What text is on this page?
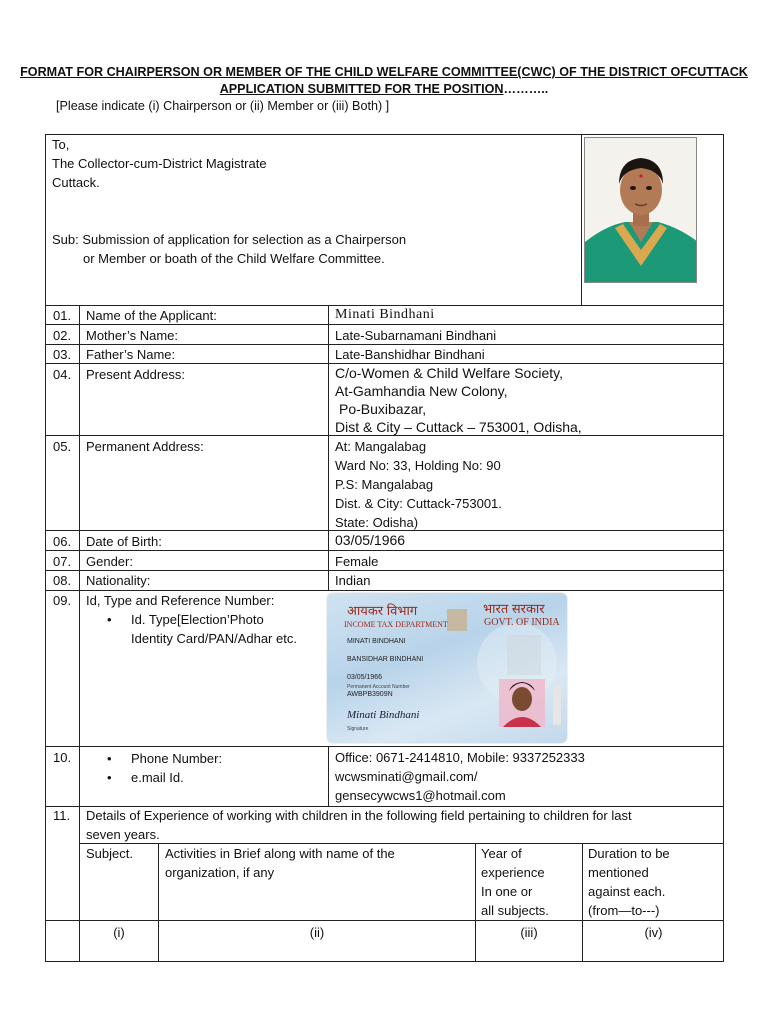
FORMAT FOR CHAIRPERSON OR MEMBER OF THE CHILD WELFARE COMMITTEE(CWC) OF THE DISTRICT OFCUTTACK
APPLICATION SUBMITTED FOR THE POSITION………..
[Please indicate (i) Chairperson or (ii) Member or (iii) Both) ]
To,
The Collector-cum-District Magistrate
Cuttack.
Sub: Submission of application for selection as a Chairperson
or Member or boath of the Child Welfare Committee.
01. Name of the Applicant:	Minati Bindhani
02. Mother’s Name:	Late-Subarnamani Bindhani
03. Father’s Name:	Late-Banshidhar Bindhani
04. Present Address:	C/o-Women & Child Welfare Society,
At-Gamhandia New Colony,
Po-Buxibazar,
Dist & City – Cuttack – 753001, Odisha,
05. Permanent Address:	At: Mangalabag
Ward No: 33, Holding No: 90
P.S: Mangalabag
Dist. & City: Cuttack-753001.
State: Odisha)
06. Date of Birth:	03/05/1966
07. Gender:	Female
08. Nationality:	Indian
09. Id, Type and Reference Number:
• Id. Type[Election’Photo
Identity Card/PAN/Adhar etc.
आयकर विभाग	भारत सरकार
INCOME TAX DEPARTMENT	GOVT. OF INDIA
MINATI BINDHANI
BANSIDHAR BINDHANI
03/05/1966
Permanent Account Number
AWBPB3909N
Minati Bindhani
Signature
10.
•	Phone Number:
• e.mail Id.
Office: 0671-2414810, Mobile: 9337252333
wcwsminati@gmail.com/
gensecywcws1@hotmail.com
11. Details of Experience of working with children in the following field pertaining to children for last
seven years.
Subject. Activities in Brief along with name of the
organization, if any
Year of
experience
In one or
all subjects.
Duration to be
mentioned
against each.
(from—to---)
(i)	(ii)	(iii)	(iv)
